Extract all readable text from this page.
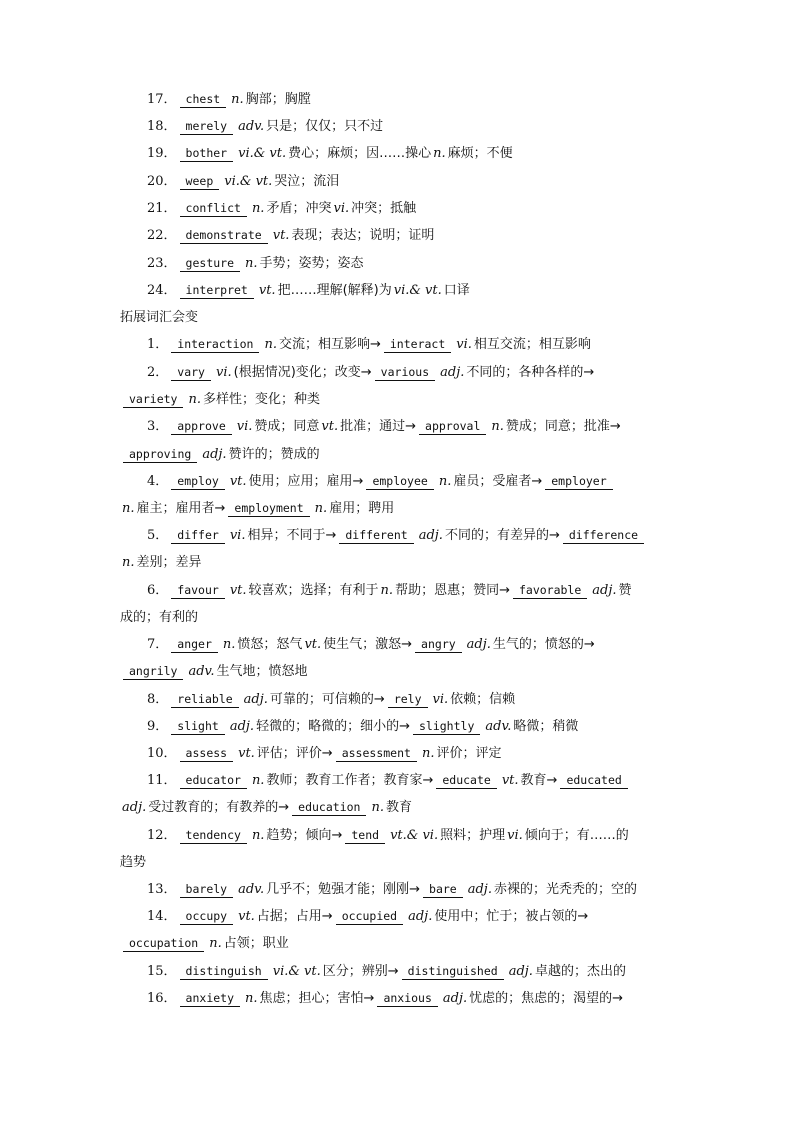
17． chest n. 胸部；胸膛
18． merely adv. 只是；仅仅；只不过
19． bother vi.& vt. 费心；麻烦；因……操心 n. 麻烦；不便
20． weep vi.& vt. 哭泣；流泪
21． conflict n. 矛盾；冲突 vi. 冲突；抵触
22． demonstrate vt. 表现；表达；说明；证明
23． gesture n. 手势；姿势；姿态
24． interpret vt. 把……理解(解释)为 vi.& vt. 口译
拓展词汇会变
1． interaction n. 交流；相互影响→ interact vi. 相互交流；相互影响
2． vary vi. (根据情况)变化；改变→ various adj. 不同的；各种各样的→
variety n. 多样性；变化；种类
3． approve vi. 赞成；同意 vt. 批准；通过→ approval n. 赞成；同意；批准→
approving adj. 赞许的；赞成的
4． employ vt. 使用；应用；雇用→ employee n. 雇员；受雇者→ employer
n. 雇主；雇用者→ employment n. 雇用；聘用
5． differ vi. 相异；不同于→ different adj. 不同的；有差异的→ difference
n. 差别；差异
6． favour vt. 较喜欢；选择；有利于 n. 帮助；恩惠；赞同→ favorable adj. 赞
成的；有利的
7． anger n. 愤怒；怒气 vt. 使生气；激怒→ angry adj. 生气的；愤怒的→
angrily adv. 生气地；愤怒地
8． reliable adj. 可靠的；可信赖的→ rely vi. 依赖；信赖
9． slight adj. 轻微的；略微的；细小的→ slightly adv. 略微；稍微
10． assess vt. 评估；评价→ assessment n. 评价；评定
11． educator n. 教师；教育工作者；教育家→ educate vt. 教育→ educated
adj. 受过教育的；有教养的→ education n. 教育
12． tendency n. 趋势；倾向→ tend vt.& vi. 照料；护理 vi. 倾向于；有……的
趋势
13． barely adv. 几乎不；勉强才能；刚刚→ bare adj. 赤裸的；光秃秃的；空的
14． occupy vt. 占据；占用→ occupied adj. 使用中；忙于；被占领的→
occupation n. 占领；职业
15． distinguish vi.& vt. 区分；辨别→ distinguished adj. 卓越的；杰出的
16． anxiety n. 焦虑；担心；害怕→ anxious adj. 忧虑的；焦虑的；渴望的→
